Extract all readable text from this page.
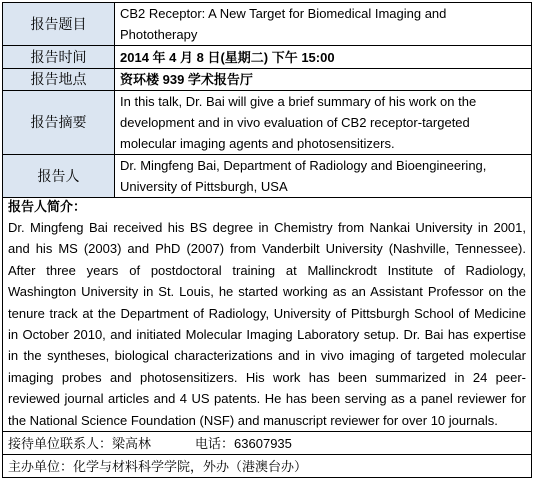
报告题目	CB2 Receptor: A New Target for Biomedical Imaging and Phototherapy
报告时间	2014 年 4 月 8 日(星期二) 下午 15:00
报告地点	资环楼 939 学术报告厅
报告摘要	In this talk, Dr. Bai will give a brief summary of his work on the development and in vivo evaluation of CB2 receptor-targeted molecular imaging agents and photosensitizers.
报告人	Dr. Mingfeng Bai, Department of Radiology and Bioengineering, University of Pittsburgh, USA

报告人简介：
Dr. Mingfeng Bai received his BS degree in Chemistry from Nankai University in 2001, and his MS (2003) and PhD (2007) from Vanderbilt University (Nashville, Tennessee). After three years of postdoctoral training at Mallinckrodt Institute of Radiology, Washington University in St. Louis, he started working as an Assistant Professor on the tenure track at the Department of Radiology, University of Pittsburgh School of Medicine in October 2010, and initiated Molecular Imaging Laboratory setup. Dr. Bai has expertise in the syntheses, biological characterizations and in vivo imaging of targeted molecular imaging probes and photosensitizers. His work has been summarized in 24 peer-reviewed journal articles and 4 US patents. He has been serving as a panel reviewer for the National Science Foundation (NSF) and manuscript reviewer for over 10 journals.	

接待单位联系人：梁高林 电话：63607935	
主办单位：化学与材料科学学院，外办（港澳台办）	
